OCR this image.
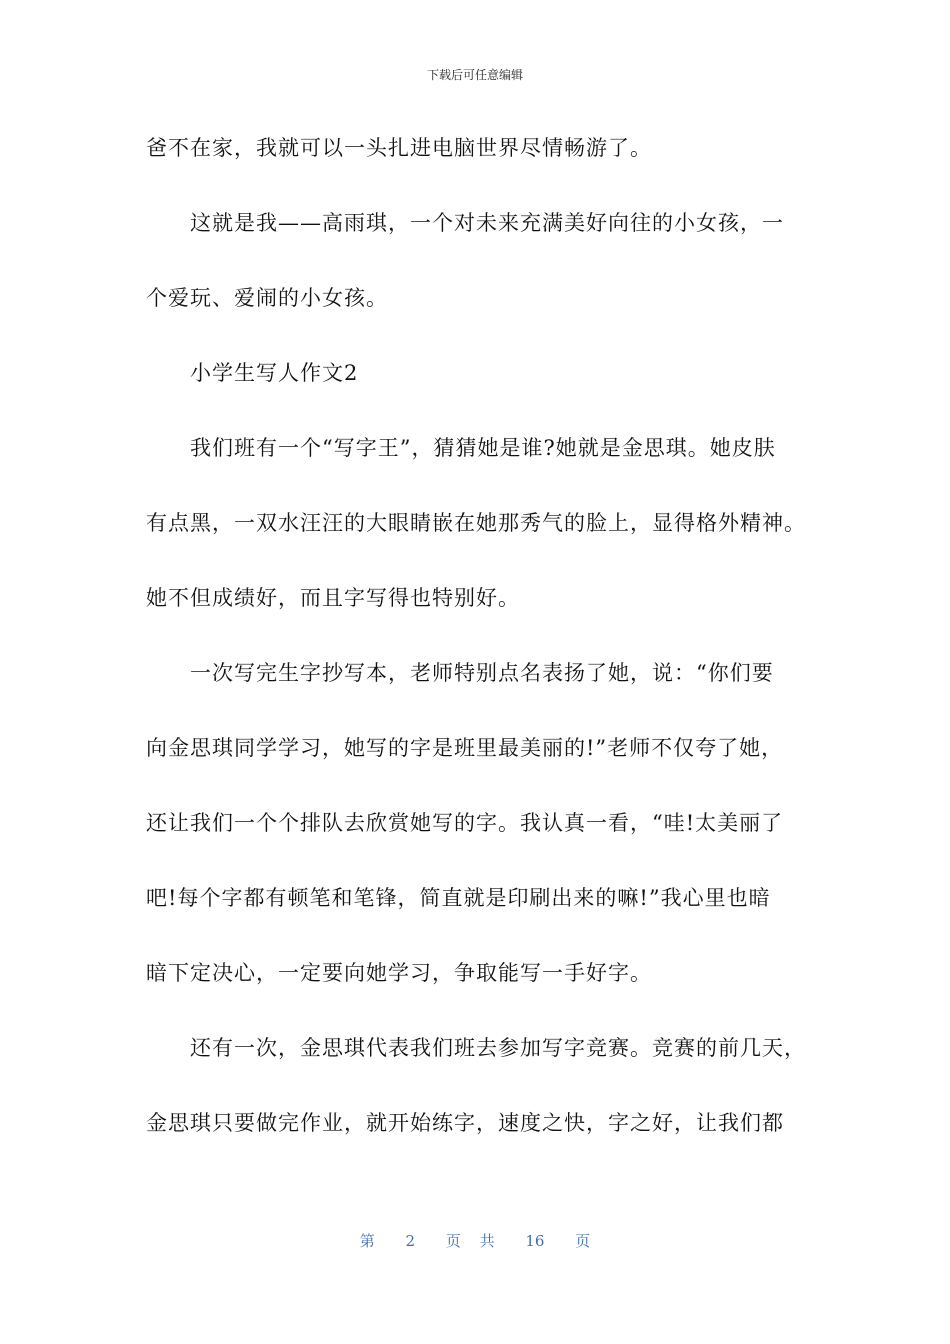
下载后可任意编辑
爸不在家，我就可以一头扎进电脑世界尽情畅游了。
这就是我——高雨琪，一个对未来充满美好向往的小女孩，一
个爱玩、爱闹的小女孩。
小学生写人作文2
我们班有一个“写字王”，猜猜她是谁?她就是金思琪。她皮肤
有点黑，一双水汪汪的大眼睛嵌在她那秀气的脸上，显得格外精神。
她不但成绩好，而且字写得也特别好。
一次写完生字抄写本，老师特别点名表扬了她，说：“你们要
向金思琪同学学习，她写的字是班里最美丽的!”老师不仅夸了她，
还让我们一个个排队去欣赏她写的字。我认真一看，“哇!太美丽了
吧!每个字都有顿笔和笔锋，简直就是印刷出来的嘛!”我心里也暗
暗下定决心，一定要向她学习，争取能写一手好字。
还有一次，金思琪代表我们班去参加写字竞赛。竞赛的前几天，
金思琪只要做完作业，就开始练字，速度之快，字之好，让我们都
第 2 页 共 16 页
